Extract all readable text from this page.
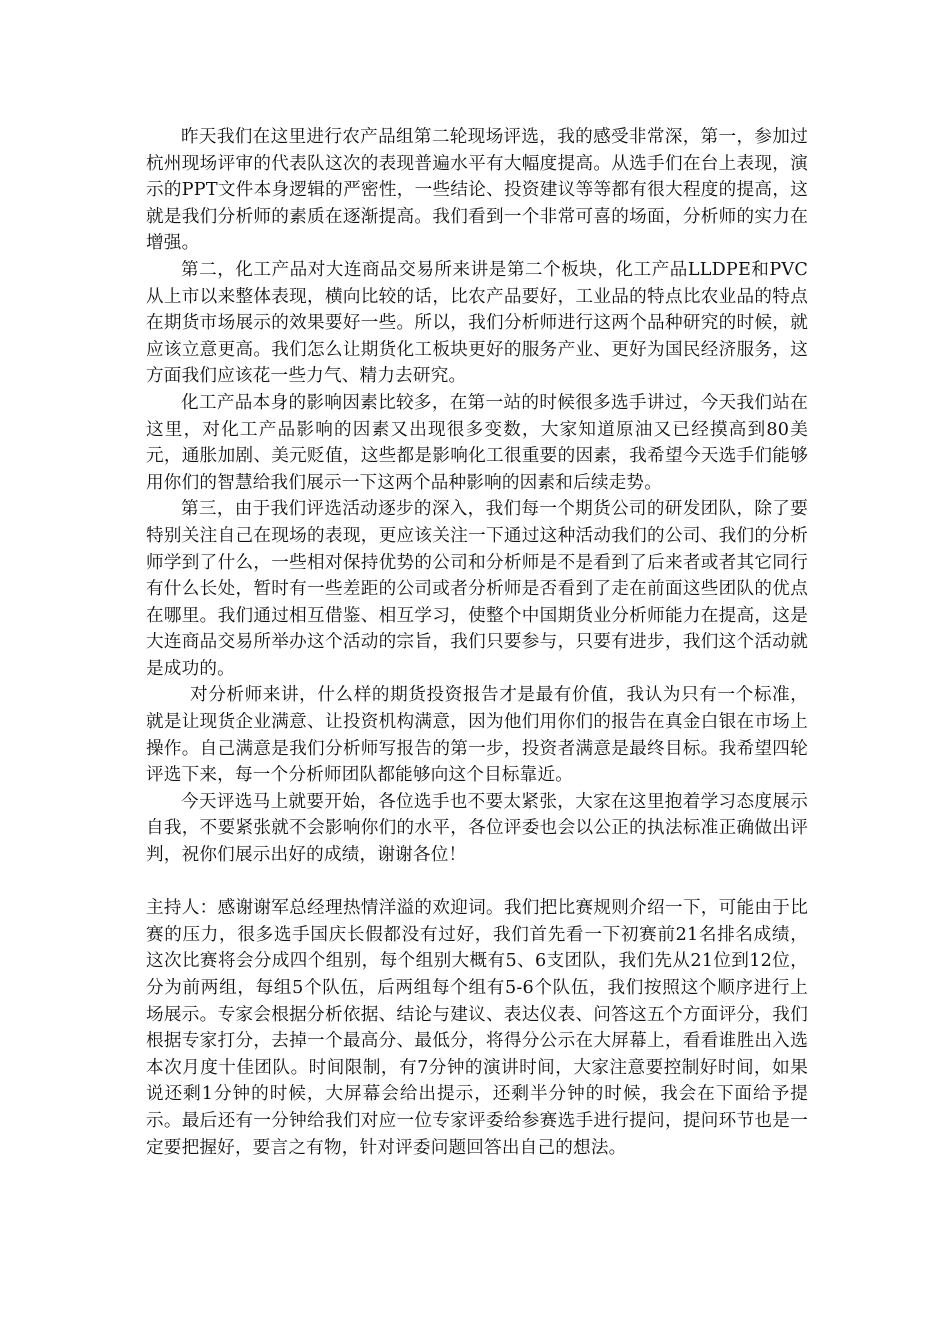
昨天我们在这里进行农产品组第二轮现场评选，我的感受非常深，第一，参加过杭州现场评审的代表队这次的表现普遍水平有大幅度提高。从选手们在台上表现，演示的PPT文件本身逻辑的严密性，一些结论、投资建议等等都有很大程度的提高，这就是我们分析师的素质在逐渐提高。我们看到一个非常可喜的场面，分析师的实力在增强。

第二，化工产品对大连商品交易所来讲是第二个板块，化工产品LLDPE和PVC从上市以来整体表现，横向比较的话，比农产品要好，工业品的特点比农业品的特点在期货市场展示的效果要好一些。所以，我们分析师进行这两个品种研究的时候，就应该立意更高。我们怎么让期货化工板块更好的服务产业、更好为国民经济服务，这方面我们应该花一些力气、精力去研究。

化工产品本身的影响因素比较多，在第一站的时候很多选手讲过，今天我们站在这里，对化工产品影响的因素又出现很多变数，大家知道原油又已经摸高到80美元，通胀加剧、美元贬值，这些都是影响化工很重要的因素，我希望今天选手们能够用你们的智慧给我们展示一下这两个品种影响的因素和后续走势。

第三，由于我们评选活动逐步的深入，我们每一个期货公司的研发团队，除了要特别关注自己在现场的表现，更应该关注一下通过这种活动我们的公司、我们的分析师学到了什么，一些相对保持优势的公司和分析师是不是看到了后来者或者其它同行有什么长处，暂时有一些差距的公司或者分析师是否看到了走在前面这些团队的优点在哪里。我们通过相互借鉴、相互学习，使整个中国期货业分析师能力在提高，这是大连商品交易所举办这个活动的宗旨，我们只要参与，只要有进步，我们这个活动就是成功的。

对分析师来讲，什么样的期货投资报告才是最有价值，我认为只有一个标准，就是让现货企业满意、让投资机构满意，因为他们用你们的报告在真金白银在市场上操作。自己满意是我们分析师写报告的第一步，投资者满意是最终目标。我希望四轮评选下来，每一个分析师团队都能够向这个目标靠近。

今天评选马上就要开始，各位选手也不要太紧张，大家在这里抱着学习态度展示自我，不要紧张就不会影响你们的水平，各位评委也会以公正的执法标准正确做出评判，祝你们展示出好的成绩，谢谢各位！

主持人：感谢谢军总经理热情洋溢的欢迎词。我们把比赛规则介绍一下，可能由于比赛的压力，很多选手国庆长假都没有过好，我们首先看一下初赛前21名排名成绩，这次比赛将会分成四个组别，每个组别大概有5、6支团队，我们先从21位到12位，分为前两组，每组5个队伍，后两组每个组有5-6个队伍，我们按照这个顺序进行上场展示。专家会根据分析依据、结论与建议、表达仪表、问答这五个方面评分，我们根据专家打分，去掉一个最高分、最低分，将得分公示在大屏幕上，看看谁胜出入选本次月度十佳团队。时间限制，有7分钟的演讲时间，大家注意要控制好时间，如果说还剩1分钟的时候，大屏幕会给出提示，还剩半分钟的时候，我会在下面给予提示。最后还有一分钟给我们对应一位专家评委给参赛选手进行提问，提问环节也是一定要把握好，要言之有物，针对评委问题回答出自己的想法。
